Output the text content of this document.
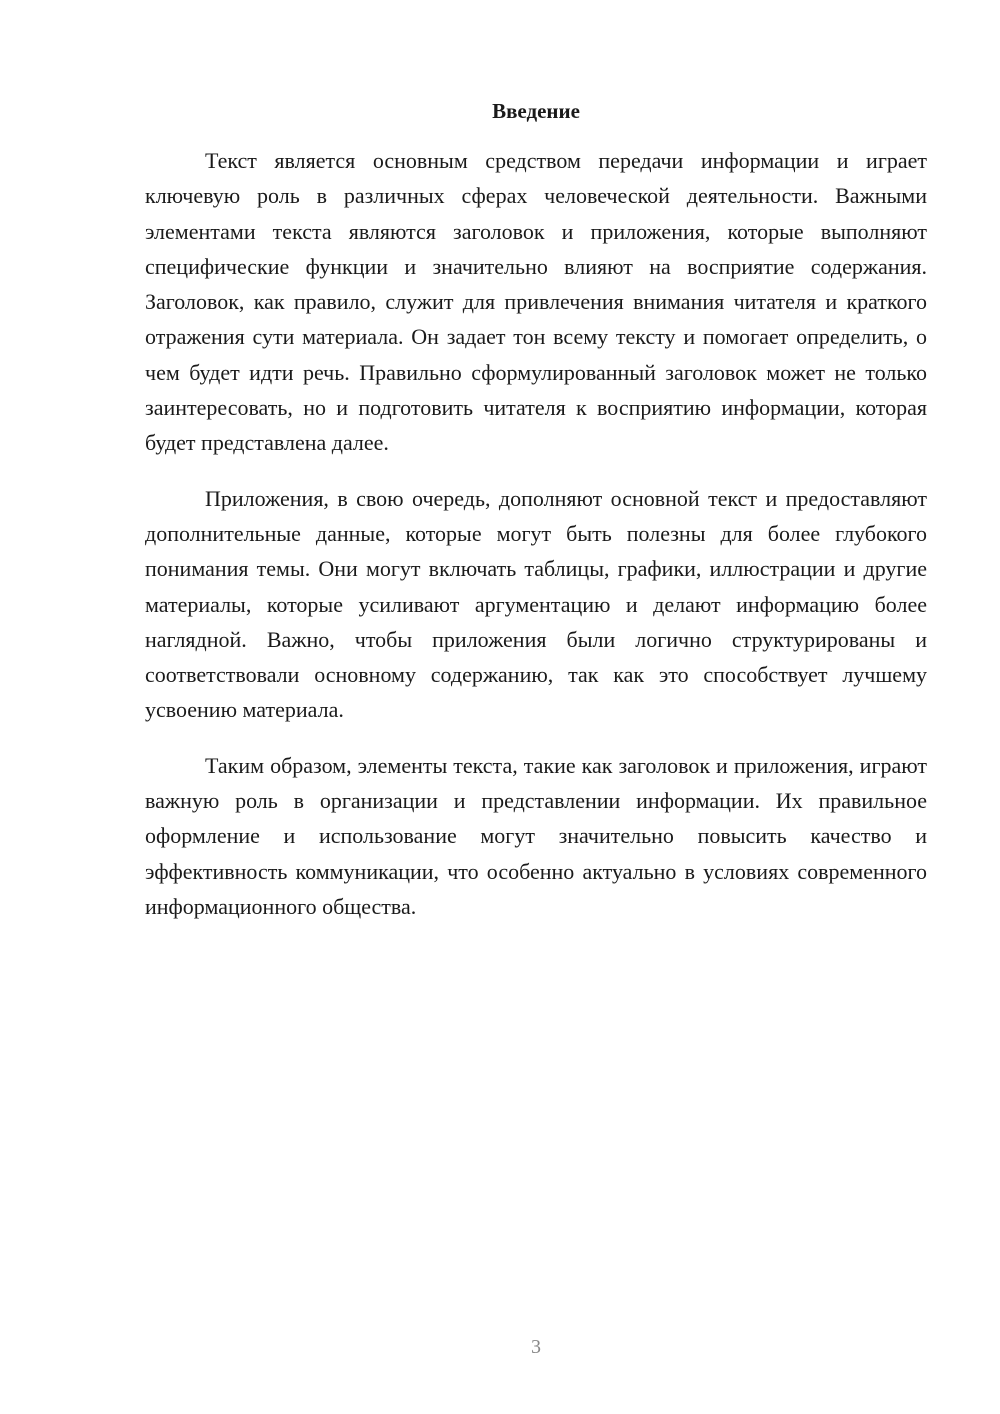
Введение

Текст является основным средством передачи информации и играет ключевую роль в различных сферах человеческой деятельности. Важными элементами текста являются заголовок и приложения, которые выполняют специфические функции и значительно влияют на восприятие содержания. Заголовок, как правило, служит для привлечения внимания читателя и краткого отражения сути материала. Он задает тон всему тексту и помогает определить, о чем будет идти речь. Правильно сформулированный заголовок может не только заинтересовать, но и подготовить читателя к восприятию информации, которая будет представлена далее.

Приложения, в свою очередь, дополняют основной текст и предоставляют дополнительные данные, которые могут быть полезны для более глубокого понимания темы. Они могут включать таблицы, графики, иллюстрации и другие материалы, которые усиливают аргументацию и делают информацию более наглядной. Важно, чтобы приложения были логично структурированы и соответствовали основному содержанию, так как это способствует лучшему усвоению материала.

Таким образом, элементы текста, такие как заголовок и приложения, играют важную роль в организации и представлении информации. Их правильное оформление и использование могут значительно повысить качество и эффективность коммуникации, что особенно актуально в условиях современного информационного общества.

3
